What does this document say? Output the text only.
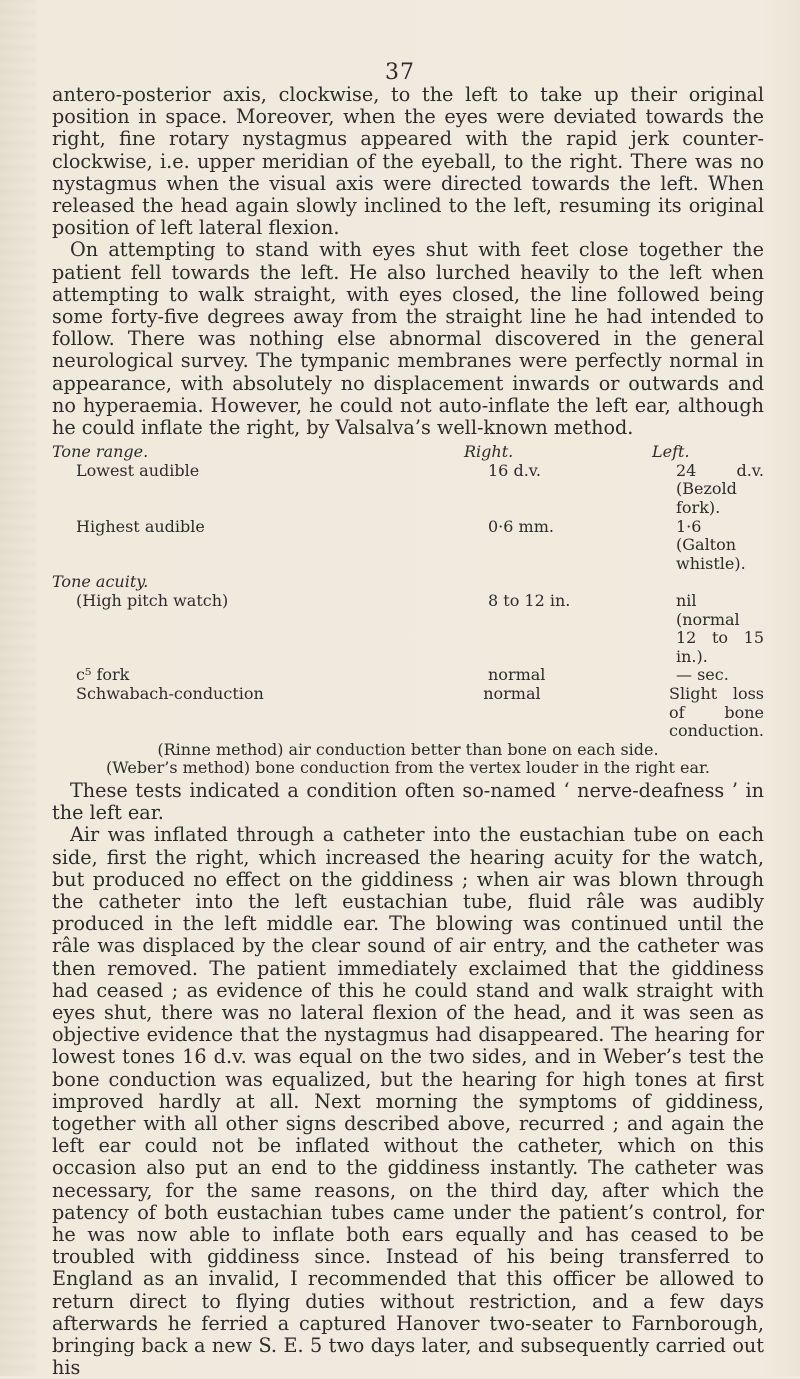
37

antero-posterior axis, clockwise, to the left to take up their original position in space. Moreover, when the eyes were deviated towards the right, fine rotary nystagmus appeared with the rapid jerk counter-clockwise, i.e. upper meridian of the eyeball, to the right. There was no nystagmus when the visual axis were directed towards the left. When released the head again slowly inclined to the left, resuming its original position of left lateral flexion.

On attempting to stand with eyes shut with feet close together the patient fell towards the left. He also lurched heavily to the left when attempting to walk straight, with eyes closed, the line followed being some forty-five degrees away from the straight line he had intended to follow. There was nothing else abnormal discovered in the general neurological survey. The tympanic membranes were perfectly normal in appearance, with absolutely no displacement inwards or outwards and no hyperaemia. However, he could not auto-inflate the left ear, although he could inflate the right, by Valsalva’s well-known method.

Tone range.	Right.	Left.
Lowest audible	16 d.v.	24 d.v. (Bezold fork).
Highest audible	0·6 mm.	1·6 (Galton whistle).
Tone acuity.
(High pitch watch)	8 to 12 in.	nil (normal 12 to 15 in.).
c⁵ fork	normal	— sec.
Schwabach-conduction	normal	Slight loss of bone conduction.
(Rinne method) air conduction better than bone on each side.
(Weber’s method) bone conduction from the vertex louder in the right ear.

These tests indicated a condition often so-named ‘ nerve-deafness ’ in the left ear.

Air was inflated through a catheter into the eustachian tube on each side, first the right, which increased the hearing acuity for the watch, but produced no effect on the giddiness ; when air was blown through the catheter into the left eustachian tube, fluid râle was audibly produced in the left middle ear. The blowing was continued until the râle was displaced by the clear sound of air entry, and the catheter was then removed. The patient immediately exclaimed that the giddiness had ceased ; as evidence of this he could stand and walk straight with eyes shut, there was no lateral flexion of the head, and it was seen as objective evidence that the nystagmus had disappeared. The hearing for lowest tones 16 d.v. was equal on the two sides, and in Weber’s test the bone conduction was equalized, but the hearing for high tones at first improved hardly at all. Next morning the symptoms of giddiness, together with all other signs described above, recurred ; and again the left ear could not be inflated without the catheter, which on this occasion also put an end to the giddiness instantly. The catheter was necessary, for the same reasons, on the third day, after which the patency of both eustachian tubes came under the patient’s control, for he was now able to inflate both ears equally and has ceased to be troubled with giddiness since. Instead of his being transferred to England as an invalid, I recommended that this officer be allowed to return direct to flying duties without restriction, and a few days afterwards he ferried a captured Hanover two-seater to Farnborough, bringing back a new S. E. 5 two days later, and subsequently carried out his
